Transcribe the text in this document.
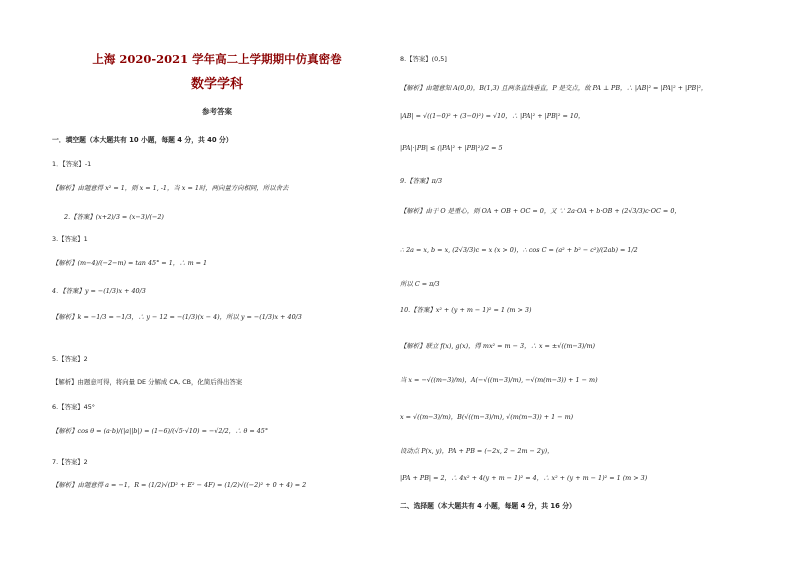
上海 2020-2021 学年高二上学期期中仿真密卷
数学学科
参考答案
一．填空题（本大题共有 10 小题，每题 4 分，共 40 分）
1．【答案】-1
【解析】由题意得 x² = 1，则 x = 1, -1，当 x = 1时，两向量方向相同，所以舍去
2.【答案】(x+2)/3 = (x−3)/(−2)
3.【答案】1
【解析】(m−4)/(−2−m) = tan 45° = 1，∴ m = 1
4．【答案】y = −(1/3)x + 40/3
【解析】k = −1/3 = −1/3，∴ y − 12 = −(1/3)(x − 4)，所以 y = −(1/3)x + 40/3
5.【答案】2
【解析】由题意可得，将向量 DE 分解成 CA, CB，化简后得出答案
6.【答案】45°
【解析】cos θ = (a·b)/(|a||b|) = (1−6)/(√5·√10) = −√2/2，∴ θ = 45°
7.【答案】2
【解析】由题意得 a = −1，R = (1/2)√(D² + E² − 4F) = (1/2)√((−2)² + 0 + 4) = 2
8.【答案】(0,5]
【解析】由题意知 A(0,0)，B(1,3) 且两条直线垂直，P 是交点，故 PA ⊥ PB，∴ |AB|² = |PA|² + |PB|²，
|AB| = √((1−0)² + (3−0)²) = √10，∴ |PA|² + |PB|² = 10，
|PA|·|PB| ≤ (|PA|² + |PB|²)/2 = 5
9.【答案】π/3
【解析】由于 O 是重心，则 OA + OB + OC = 0，又 ∵ 2a·OA + b·OB + (2√3/3)c·OC = 0，
∴ 2a = x, b = x, (2√3/3)c = x (x > 0)，∴ cos C = (a² + b² − c²)/(2ab) = 1/2
所以 C = π/3
10.【答案】x² + (y + m − 1)² = 1 (m > 3)
【解析】联立 f(x), g(x)，得 mx² = m − 3，∴ x = ±√((m−3)/m)
当 x = −√((m−3)/m)，A(−√((m−3)/m), −√(m(m−3)) + 1 − m)
x = √((m−3)/m)，B(√((m−3)/m), √(m(m−3)) + 1 − m)
设动点 P(x, y)，PA + PB = (−2x, 2 − 2m − 2y)，
|PA + PB| = 2，∴ 4x² + 4(y + m − 1)² = 4，∴ x² + (y + m − 1)² = 1 (m > 3)
二、选择题（本大题共有 4 小题，每题 4 分，共 16 分）
